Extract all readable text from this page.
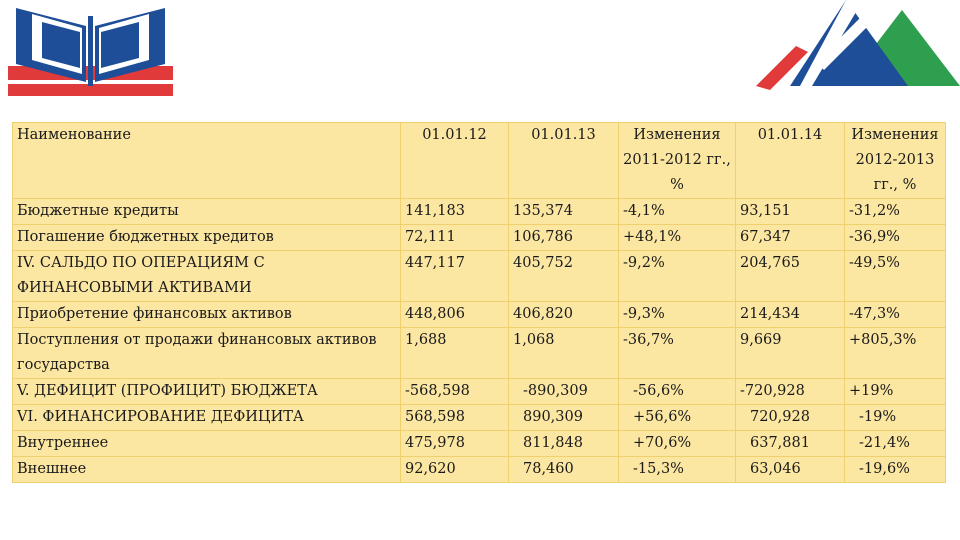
Наименование	01.01.12	01.01.13	Изменения 2011-2012 гг., %	01.01.14	Изменения 2012-2013 гг., %
Бюджетные кредиты	141,183	135,374	-4,1%	93,151	-31,2%
Погашение бюджетных кредитов	72,111	106,786	+48,1%	67,347	-36,9%
IV. САЛЬДО ПО ОПЕРАЦИЯМ С ФИНАНСОВЫМИ АКТИВАМИ	447,117	405,752	-9,2%	204,765	-49,5%
Приобретение финансовых активов	448,806	406,820	-9,3%	214,434	-47,3%
Поступления от продажи финансовых активов государства	1,688	1,068	-36,7%	9,669	+805,3%
V. ДЕФИЦИТ (ПРОФИЦИТ) БЮДЖЕТА	-568,598	-890,309	-56,6%	-720,928	+19%
VI. ФИНАНСИРОВАНИЕ ДЕФИЦИТА	568,598	890,309	+56,6%	720,928	-19%
Внутреннее	475,978	811,848	+70,6%	637,881	-21,4%
Внешнее	92,620	78,460	-15,3%	63,046	-19,6%
